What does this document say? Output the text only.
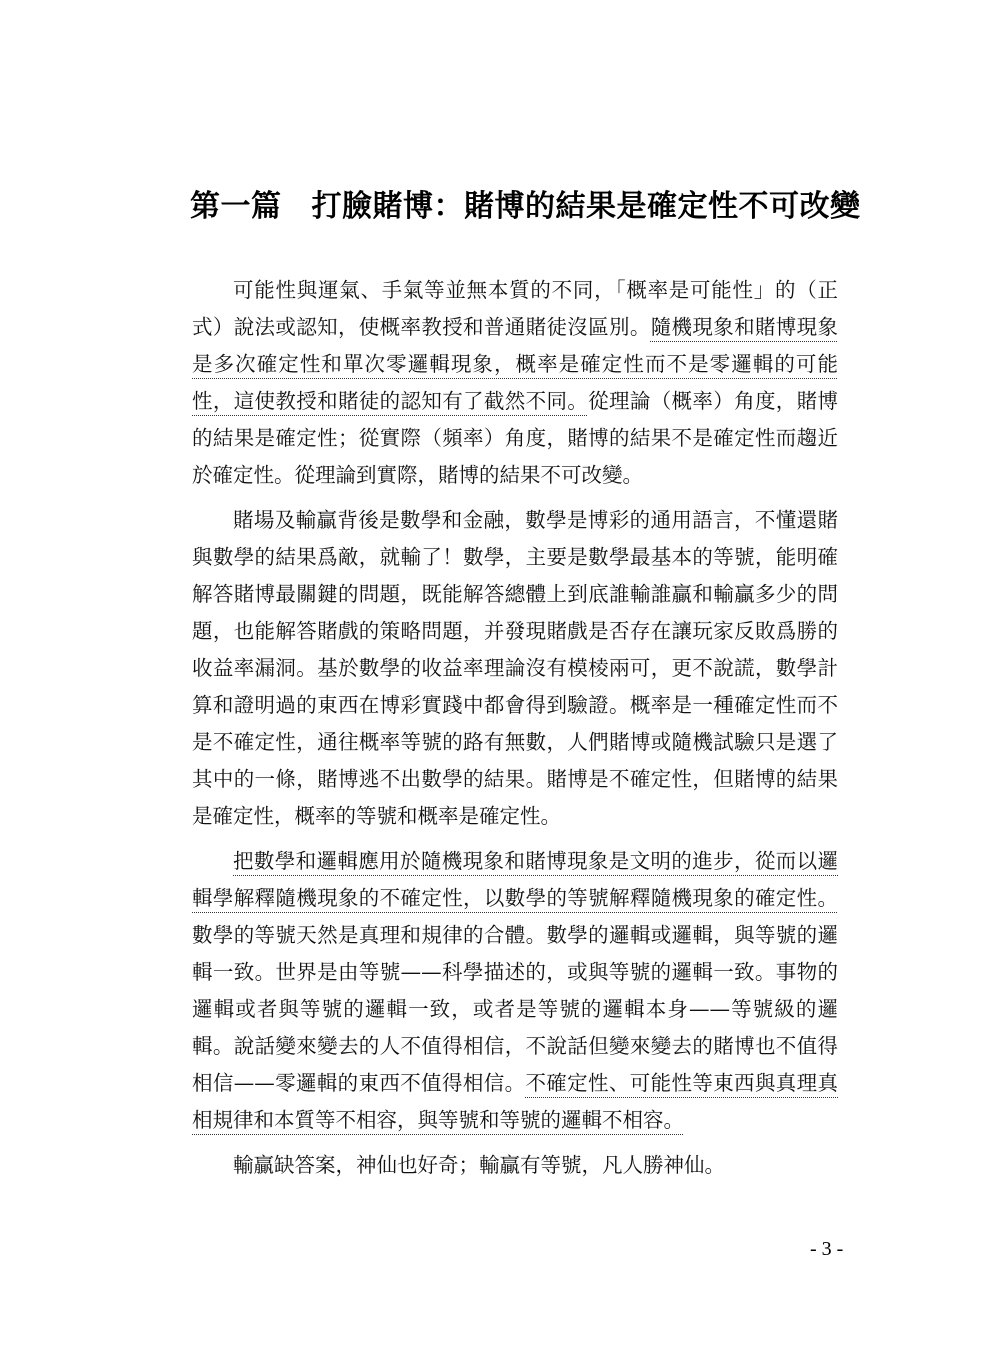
第一篇 打臉賭博：賭博的結果是確定性不可改變

可能性與運氣、手氣等並無本質的不同，「概率是可能性」的（正式）說法或認知，使概率教授和普通賭徒沒區別。隨機現象和賭博現象是多次確定性和單次零邏輯現象，概率是確定性而不是零邏輯的可能性，這使教授和賭徒的認知有了截然不同。從理論（概率）角度，賭博的結果是確定性；從實際（頻率）角度，賭博的結果不是確定性而趨近於確定性。從理論到實際，賭博的結果不可改變。

賭場及輸贏背後是數學和金融，數學是博彩的通用語言，不懂還賭與數學的結果爲敵，就輸了！數學，主要是數學最基本的等號，能明確解答賭博最關鍵的問題，既能解答總體上到底誰輸誰贏和輸贏多少的問題，也能解答賭戲的策略問題，并發現賭戲是否存在讓玩家反敗爲勝的收益率漏洞。基於數學的收益率理論沒有模棱兩可，更不說謊，數學計算和證明過的東西在博彩實踐中都會得到驗證。概率是一種確定性而不是不確定性，通往概率等號的路有無數，人們賭博或隨機試驗只是選了其中的一條，賭博逃不出數學的結果。賭博是不確定性，但賭博的結果是確定性，概率的等號和概率是確定性。

把數學和邏輯應用於隨機現象和賭博現象是文明的進步，從而以邏輯學解釋隨機現象的不確定性，以數學的等號解釋隨機現象的確定性。數學的等號天然是真理和規律的合體。數學的邏輯或邏輯，與等號的邏輯一致。世界是由等號——科學描述的，或與等號的邏輯一致。事物的邏輯或者與等號的邏輯一致，或者是等號的邏輯本身——等號級的邏輯。說話變來變去的人不值得相信，不說話但變來變去的賭博也不值得相信——零邏輯的東西不值得相信。不確定性、可能性等東西與真理真相規律和本質等不相容，與等號和等號的邏輯不相容。

輸贏缺答案，神仙也好奇；輸贏有等號，凡人勝神仙。

- 3 -
